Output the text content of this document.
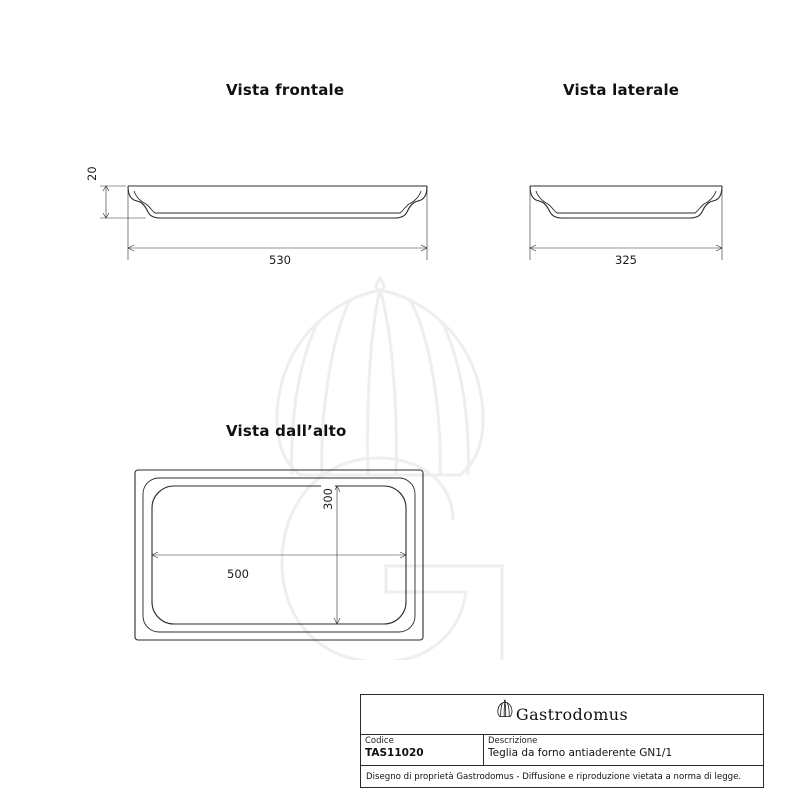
Vista frontale	Vista laterale
Vista dall’alto
530
20
325
500
300
Gastrodomus
Codice
TAS11020
Descrizione
Teglia da forno antiaderente GN1/1
Disegno di proprietà Gastrodomus - Diffusione e riproduzione vietata a norma di legge.
